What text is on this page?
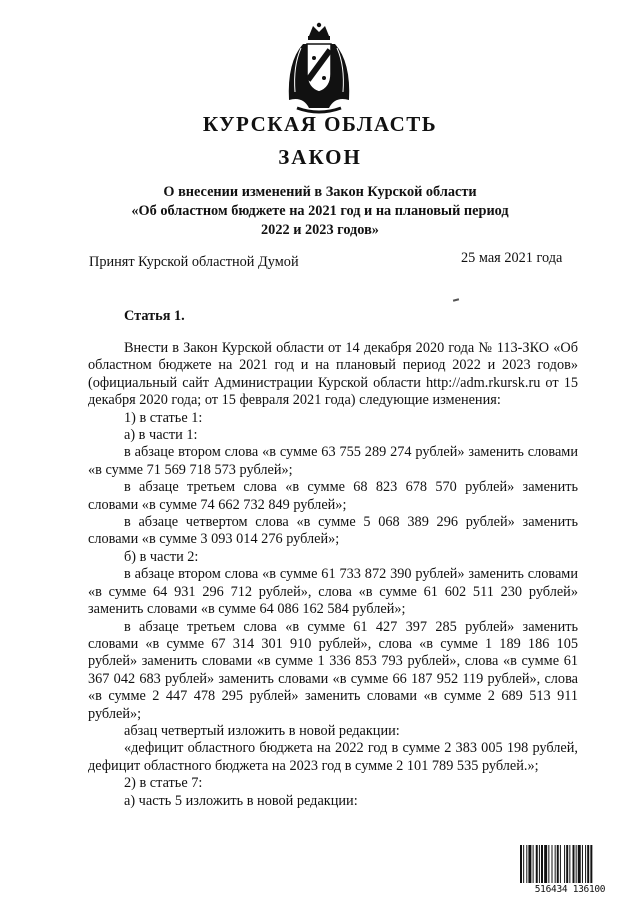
КУРСКАЯ ОБЛАСТЬ
ЗАКОН
О внесении изменений в Закон Курской области
«Об областном бюджете на 2021 год и на плановый период
2022 и 2023 годов»
Принят Курской областной Думой	25 мая 2021 года
Статья 1.

Внести в Закон Курской области от 14 декабря 2020 года № 113-ЗКО «Об областном бюджете на 2021 год и на плановый период 2022 и 2023 годов» (официальный сайт Администрации Курской области http://adm.rkursk.ru от 15 декабря 2020 года; от 15 февраля 2021 года) следующие изменения:

1) в статье 1:

а) в части 1:

в абзаце втором слова «в сумме 63 755 289 274 рублей» заменить словами «в сумме 71 569 718 573 рублей»;

в абзаце третьем слова «в сумме 68 823 678 570 рублей» заменить словами «в сумме 74 662 732 849 рублей»;

в абзаце четвертом слова «в сумме 5 068 389 296 рублей» заменить словами «в сумме 3 093 014 276 рублей»;

б) в части 2:

в абзаце втором слова «в сумме 61 733 872 390 рублей» заменить словами «в сумме 64 931 296 712 рублей», слова «в сумме 61 602 511 230 рублей» заменить словами «в сумме 64 086 162 584 рублей»;

в абзаце третьем слова «в сумме 61 427 397 285 рублей» заменить словами «в сумме 67 314 301 910 рублей», слова «в сумме 1 189 186 105 рублей» заменить словами «в сумме 1 336 853 793 рублей», слова «в сумме 61 367 042 683 рублей» заменить словами «в сумме 66 187 952 119 рублей», слова «в сумме 2 447 478 295 рублей» заменить словами «в сумме 2 689 513 911 рублей»;

абзац четвертый изложить в новой редакции:

«дефицит областного бюджета на 2022 год в сумме 2 383 005 198 рублей, дефицит областного бюджета на 2023 год в сумме 2 101 789 535 рублей.»;

2) в статье 7:

а) часть 5 изложить в новой редакции:

516434 136100
